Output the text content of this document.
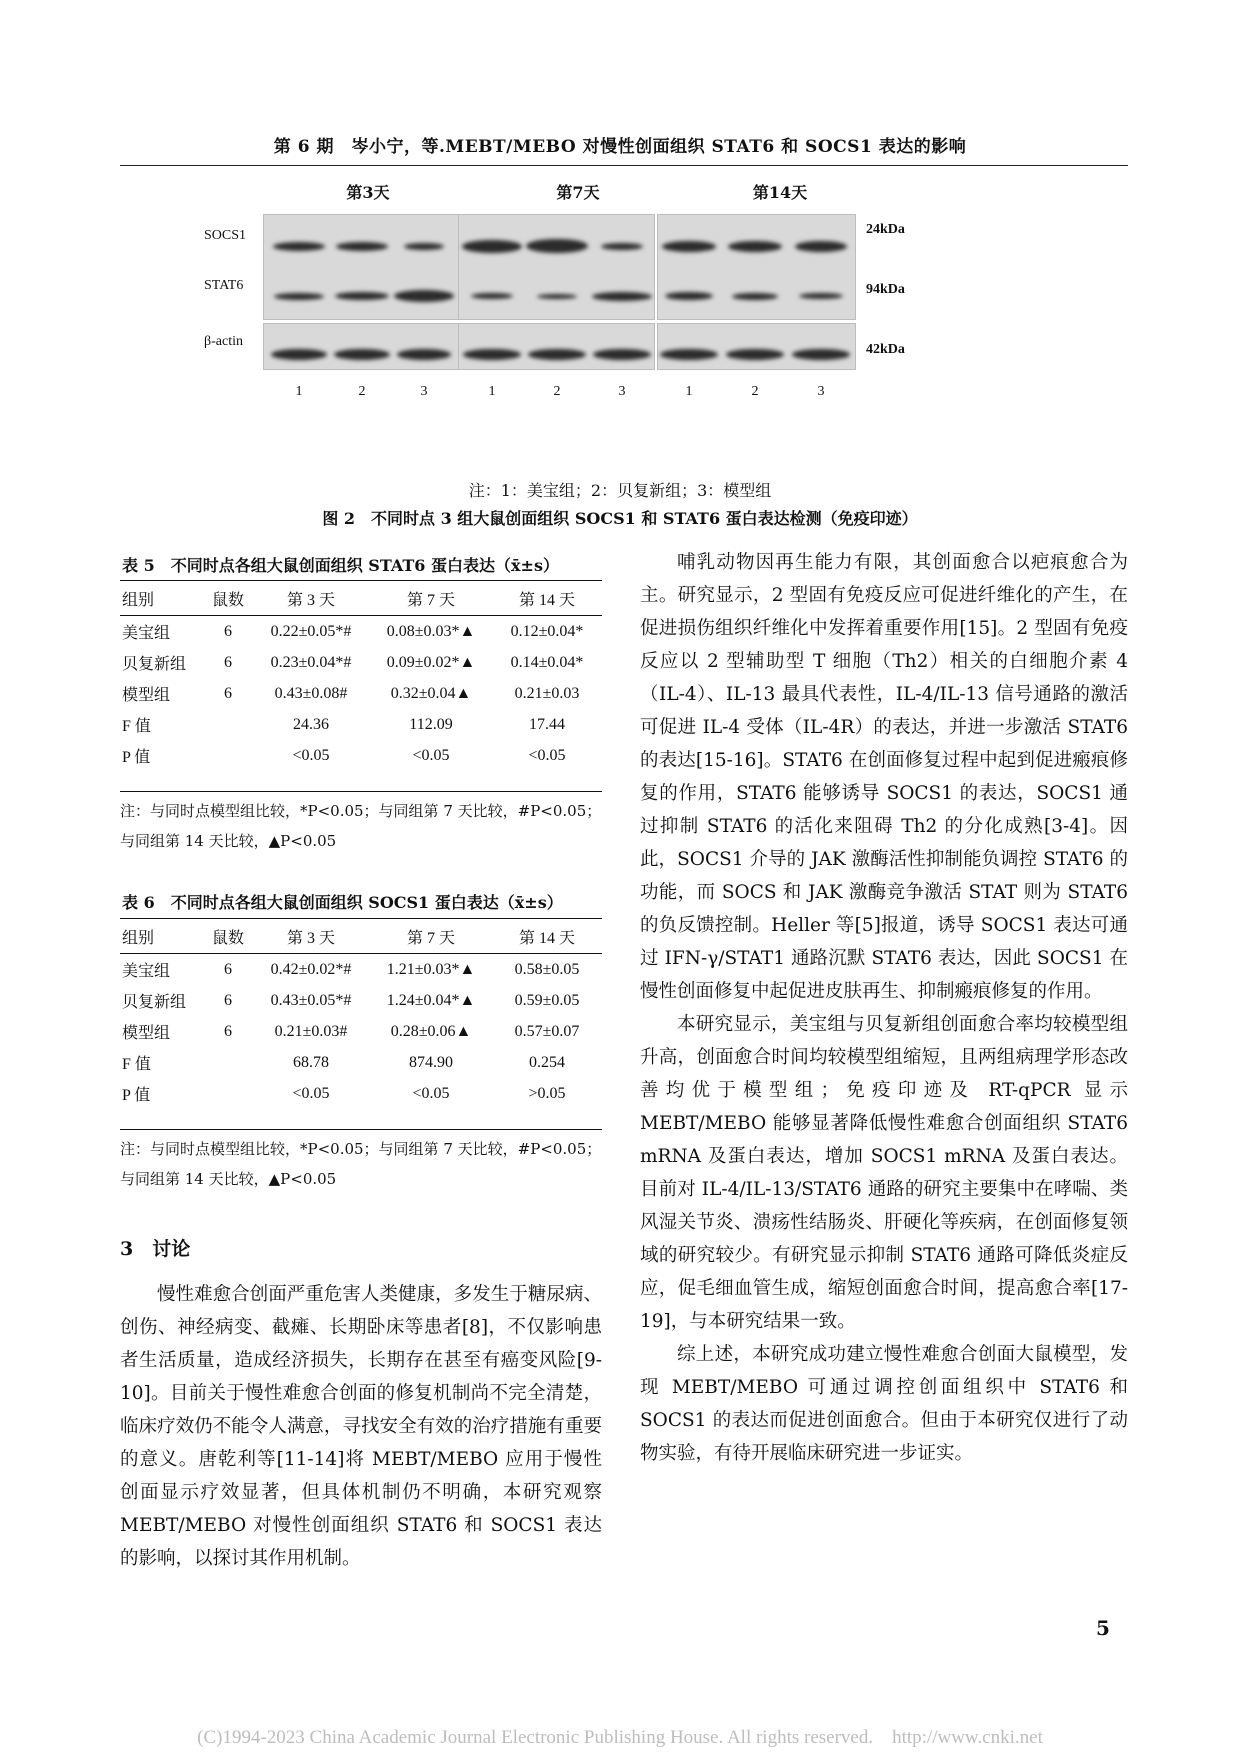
第 6 期　岑小宁，等.MEBT/MEBO 对慢性创面组织 STAT6 和 SOCS1 表达的影响
第3天	第7天	第14天
SOCS1
STAT6
β-actin
24kDa
94kDa
42kDa
1	2	3	1	2	3	1	2	3
注：1：美宝组；2：贝复新组；3：模型组
图 2　不同时点 3 组大鼠创面组织 SOCS1 和 STAT6 蛋白表达检测（免疫印迹）
表 5　不同时点各组大鼠创面组织 STAT6 蛋白表达（x̄±s）
组别	鼠数	第 3 天	第 7 天	第 14 天
美宝组	6	0.22±0.05*#	0.08±0.03*▲	0.12±0.04*
贝复新组	6	0.23±0.04*#	0.09±0.02*▲	0.14±0.04*
模型组	6	0.43±0.08#	0.32±0.04▲	0.21±0.03
F 值		24.36	112.09	17.44
P 值		<0.05	<0.05	<0.05
注：与同时点模型组比较，*P<0.05；与同组第 7 天比较，#P<0.05；与同组第 14 天比较，▲P<0.05
表 6　不同时点各组大鼠创面组织 SOCS1 蛋白表达（x̄±s）
组别	鼠数	第 3 天	第 7 天	第 14 天
美宝组	6	0.42±0.02*#	1.21±0.03*▲	0.58±0.05
贝复新组	6	0.43±0.05*#	1.24±0.04*▲	0.59±0.05
模型组	6	0.21±0.03#	0.28±0.06▲	0.57±0.07
F 值		68.78	874.90	0.254
P 值		<0.05	<0.05	>0.05
注：与同时点模型组比较，*P<0.05；与同组第 7 天比较，#P<0.05；与同组第 14 天比较，▲P<0.05
3　讨论

慢性难愈合创面严重危害人类健康，多发生于糖尿病、创伤、神经病变、截瘫、长期卧床等患者[8]，不仅影响患者生活质量，造成经济损失，长期存在甚至有癌变风险[9-10]。目前关于慢性难愈合创面的修复机制尚不完全清楚，临床疗效仍不能令人满意，寻找安全有效的治疗措施有重要的意义。唐乾利等[11-14]将 MEBT/MEBO 应用于慢性创面显示疗效显著，但具体机制仍不明确，本研究观察 MEBT/MEBO 对慢性创面组织 STAT6 和 SOCS1 表达的影响，以探讨其作用机制。

哺乳动物因再生能力有限，其创面愈合以疤痕愈合为主。研究显示，2 型固有免疫反应可促进纤维化的产生，在促进损伤组织纤维化中发挥着重要作用[15]。2 型固有免疫反应以 2 型辅助型 T 细胞（Th2）相关的白细胞介素 4（IL-4）、IL-13 最具代表性，IL-4/IL-13 信号通路的激活可促进 IL-4 受体（IL-4R）的表达，并进一步激活 STAT6 的表达[15-16]。STAT6 在创面修复过程中起到促进瘢痕修复的作用，STAT6 能够诱导 SOCS1 的表达，SOCS1 通过抑制 STAT6 的活化来阻碍 Th2 的分化成熟[3-4]。因此，SOCS1 介导的 JAK 激酶活性抑制能负调控 STAT6 的功能，而 SOCS 和 JAK 激酶竞争激活 STAT 则为 STAT6 的负反馈控制。Heller 等[5]报道，诱导 SOCS1 表达可通过 IFN-γ/STAT1 通路沉默 STAT6 表达，因此 SOCS1 在慢性创面修复中起促进皮肤再生、抑制瘢痕修复的作用。

本研究显示，美宝组与贝复新组创面愈合率均较模型组升高，创面愈合时间均较模型组缩短，且两组病理学形态改善均优于模型组；免疫印迹及 RT-qPCR 显示 MEBT/MEBO 能够显著降低慢性难愈合创面组织 STAT6 mRNA 及蛋白表达，增加 SOCS1 mRNA 及蛋白表达。目前对 IL-4/IL-13/STAT6 通路的研究主要集中在哮喘、类风湿关节炎、溃疡性结肠炎、肝硬化等疾病，在创面修复领域的研究较少。有研究显示抑制 STAT6 通路可降低炎症反应，促毛细血管生成，缩短创面愈合时间，提高愈合率[17-19]，与本研究结果一致。

综上述，本研究成功建立慢性难愈合创面大鼠模型，发现 MEBT/MEBO 可通过调控创面组织中 STAT6 和 SOCS1 的表达而促进创面愈合。但由于本研究仅进行了动物实验，有待开展临床研究进一步证实。

5
(C)1994-2023 China Academic Journal Electronic Publishing House. All rights reserved.　http://www.cnki.net
